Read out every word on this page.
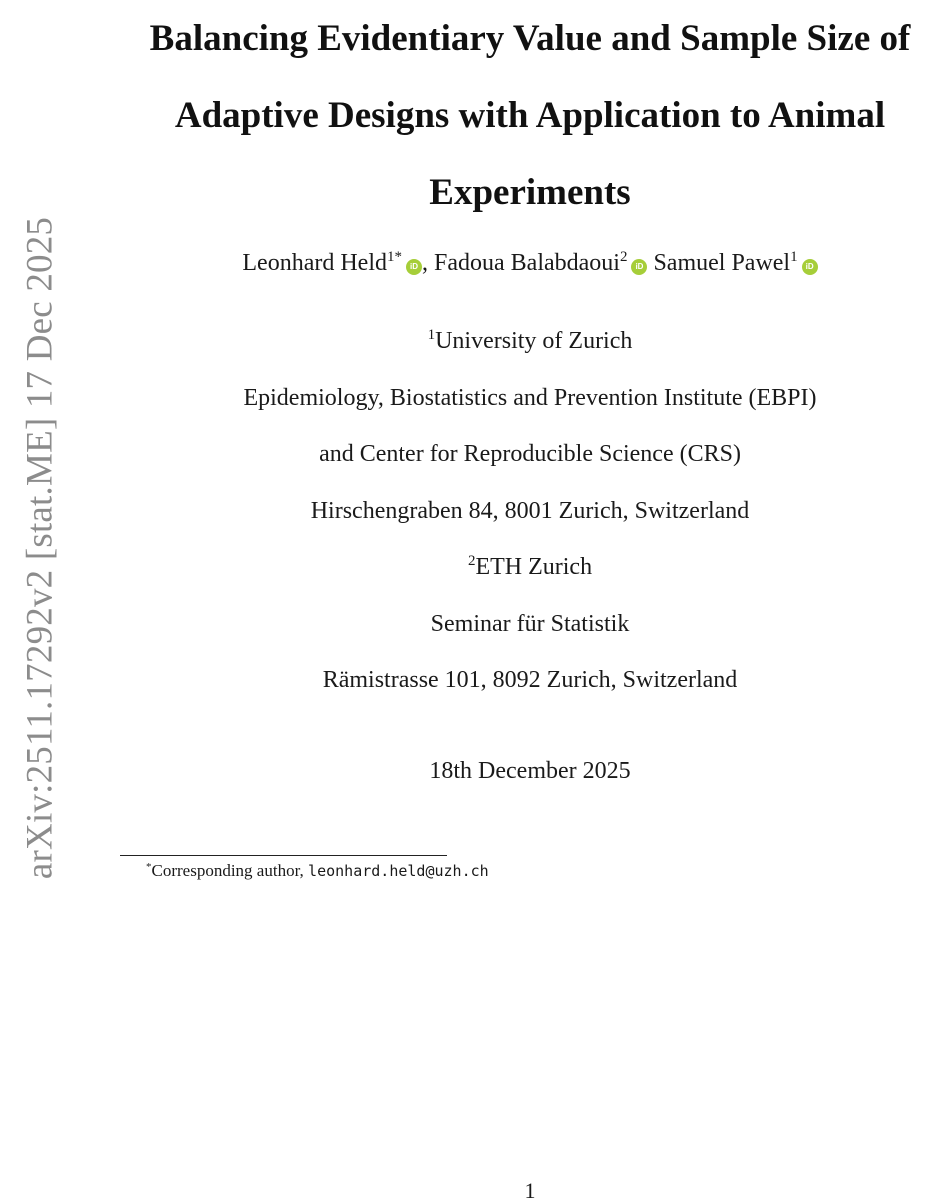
arXiv:2511.17292v2 [stat.ME] 17 Dec 2025
Balancing Evidentiary Value and Sample Size of
Adaptive Designs with Application to Animal
Experiments
Leonhard Held$^{1*}$iD , Fadoua Balabdaoui$^2$iD Samuel Pawel$^1$iD
$^1$University of Zurich
Epidemiology, Biostatistics and Prevention Institute (EBPI)
and Center for Reproducible Science (CRS)
Hirschengraben 84, 8001 Zurich, Switzerland
$^2$ETH Zurich
Seminar für Statistik
Rämistrasse 101, 8092 Zurich, Switzerland
18th December 2025
*Corresponding author, leonhard.held@uzh.ch
1
